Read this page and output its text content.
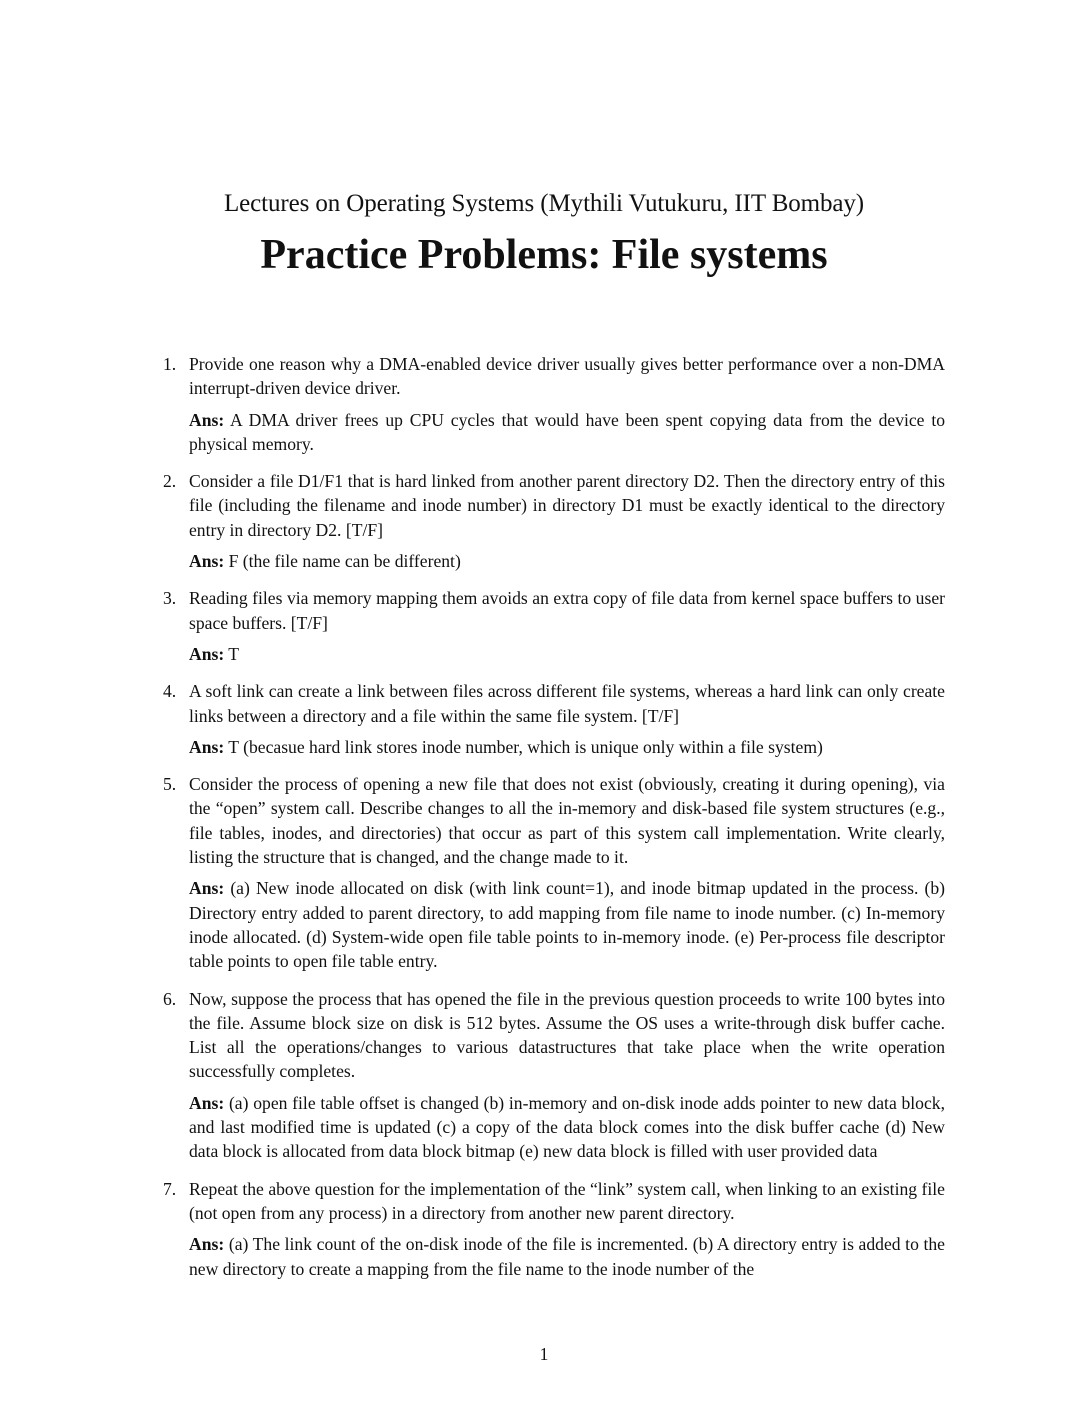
Lectures on Operating Systems (Mythili Vutukuru, IIT Bombay)
Practice Problems: File systems
1. Provide one reason why a DMA-enabled device driver usually gives better performance over a non-DMA interrupt-driven device driver.

Ans: A DMA driver frees up CPU cycles that would have been spent copying data from the device to physical memory.

2. Consider a file D1/F1 that is hard linked from another parent directory D2. Then the directory entry of this file (including the filename and inode number) in directory D1 must be exactly identical to the directory entry in directory D2. [T/F]

Ans: F (the file name can be different)

3. Reading files via memory mapping them avoids an extra copy of file data from kernel space buffers to user space buffers. [T/F]

Ans: T

4. A soft link can create a link between files across different file systems, whereas a hard link can only create links between a directory and a file within the same file system. [T/F]

Ans: T (becasue hard link stores inode number, which is unique only within a file system)

5. Consider the process of opening a new file that does not exist (obviously, creating it during opening), via the “open” system call. Describe changes to all the in-memory and disk-based file system structures (e.g., file tables, inodes, and directories) that occur as part of this system call implementation. Write clearly, listing the structure that is changed, and the change made to it.

Ans: (a) New inode allocated on disk (with link count=1), and inode bitmap updated in the process. (b) Directory entry added to parent directory, to add mapping from file name to inode number. (c) In-memory inode allocated. (d) System-wide open file table points to in-memory inode. (e) Per-process file descriptor table points to open file table entry.

6. Now, suppose the process that has opened the file in the previous question proceeds to write 100 bytes into the file. Assume block size on disk is 512 bytes. Assume the OS uses a write-through disk buffer cache. List all the operations/changes to various datastructures that take place when the write operation successfully completes.

Ans: (a) open file table offset is changed (b) in-memory and on-disk inode adds pointer to new data block, and last modified time is updated (c) a copy of the data block comes into the disk buffer cache (d) New data block is allocated from data block bitmap (e) new data block is filled with user provided data

7. Repeat the above question for the implementation of the “link” system call, when linking to an existing file (not open from any process) in a directory from another new parent directory.

Ans: (a) The link count of the on-disk inode of the file is incremented. (b) A directory entry is added to the new directory to create a mapping from the file name to the inode number of the

1
